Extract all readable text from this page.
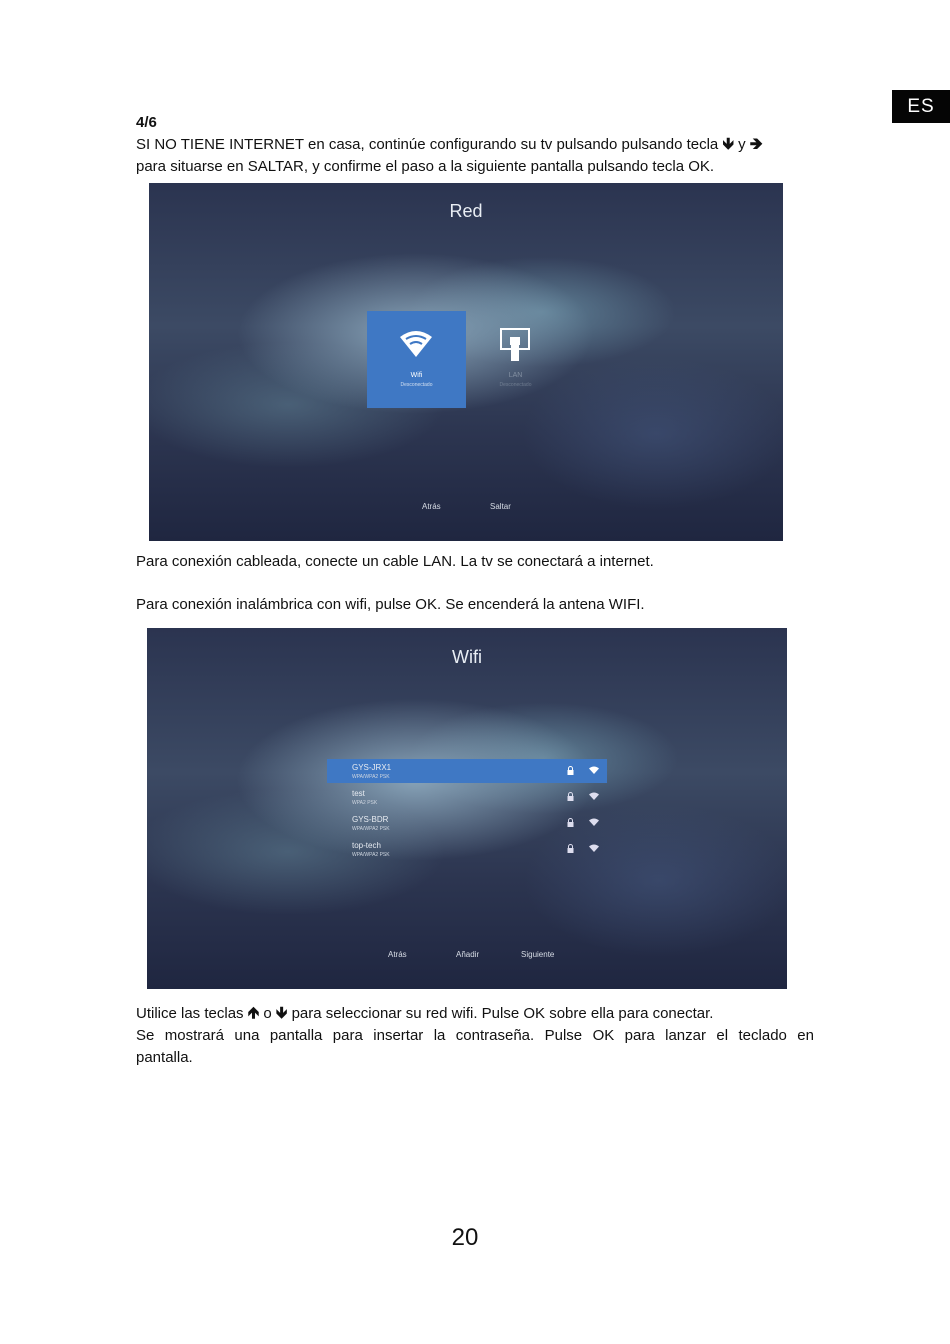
ES
4/6
SI NO TIENE INTERNET en casa, continúe configurando su tv pulsando pulsando tecla 🡻 y 🡺
para situarse en SALTAR, y confirme el paso a la siguiente pantalla pulsando tecla OK.
Red
Wifi
Desconectado
LAN
Desconectado
Atrás	Saltar
Para conexión cableada, conecte un cable LAN. La tv se conectará a internet.
Para conexión inalámbrica con wifi, pulse OK. Se encenderá la antena WIFI.
Wifi
GYS-JRX1
WPA/WPA2 PSK
test
WPA2 PSK
GYS-BDR
WPA/WPA2 PSK
top-tech
WPA/WPA2 PSK
Atrás	Añadir	Siguiente
Utilice las teclas 🡹 o 🡻 para seleccionar su red wifi. Pulse OK sobre ella para conectar.
Se mostrará una pantalla para insertar la contraseña. Pulse OK para lanzar el teclado en
pantalla.
20
